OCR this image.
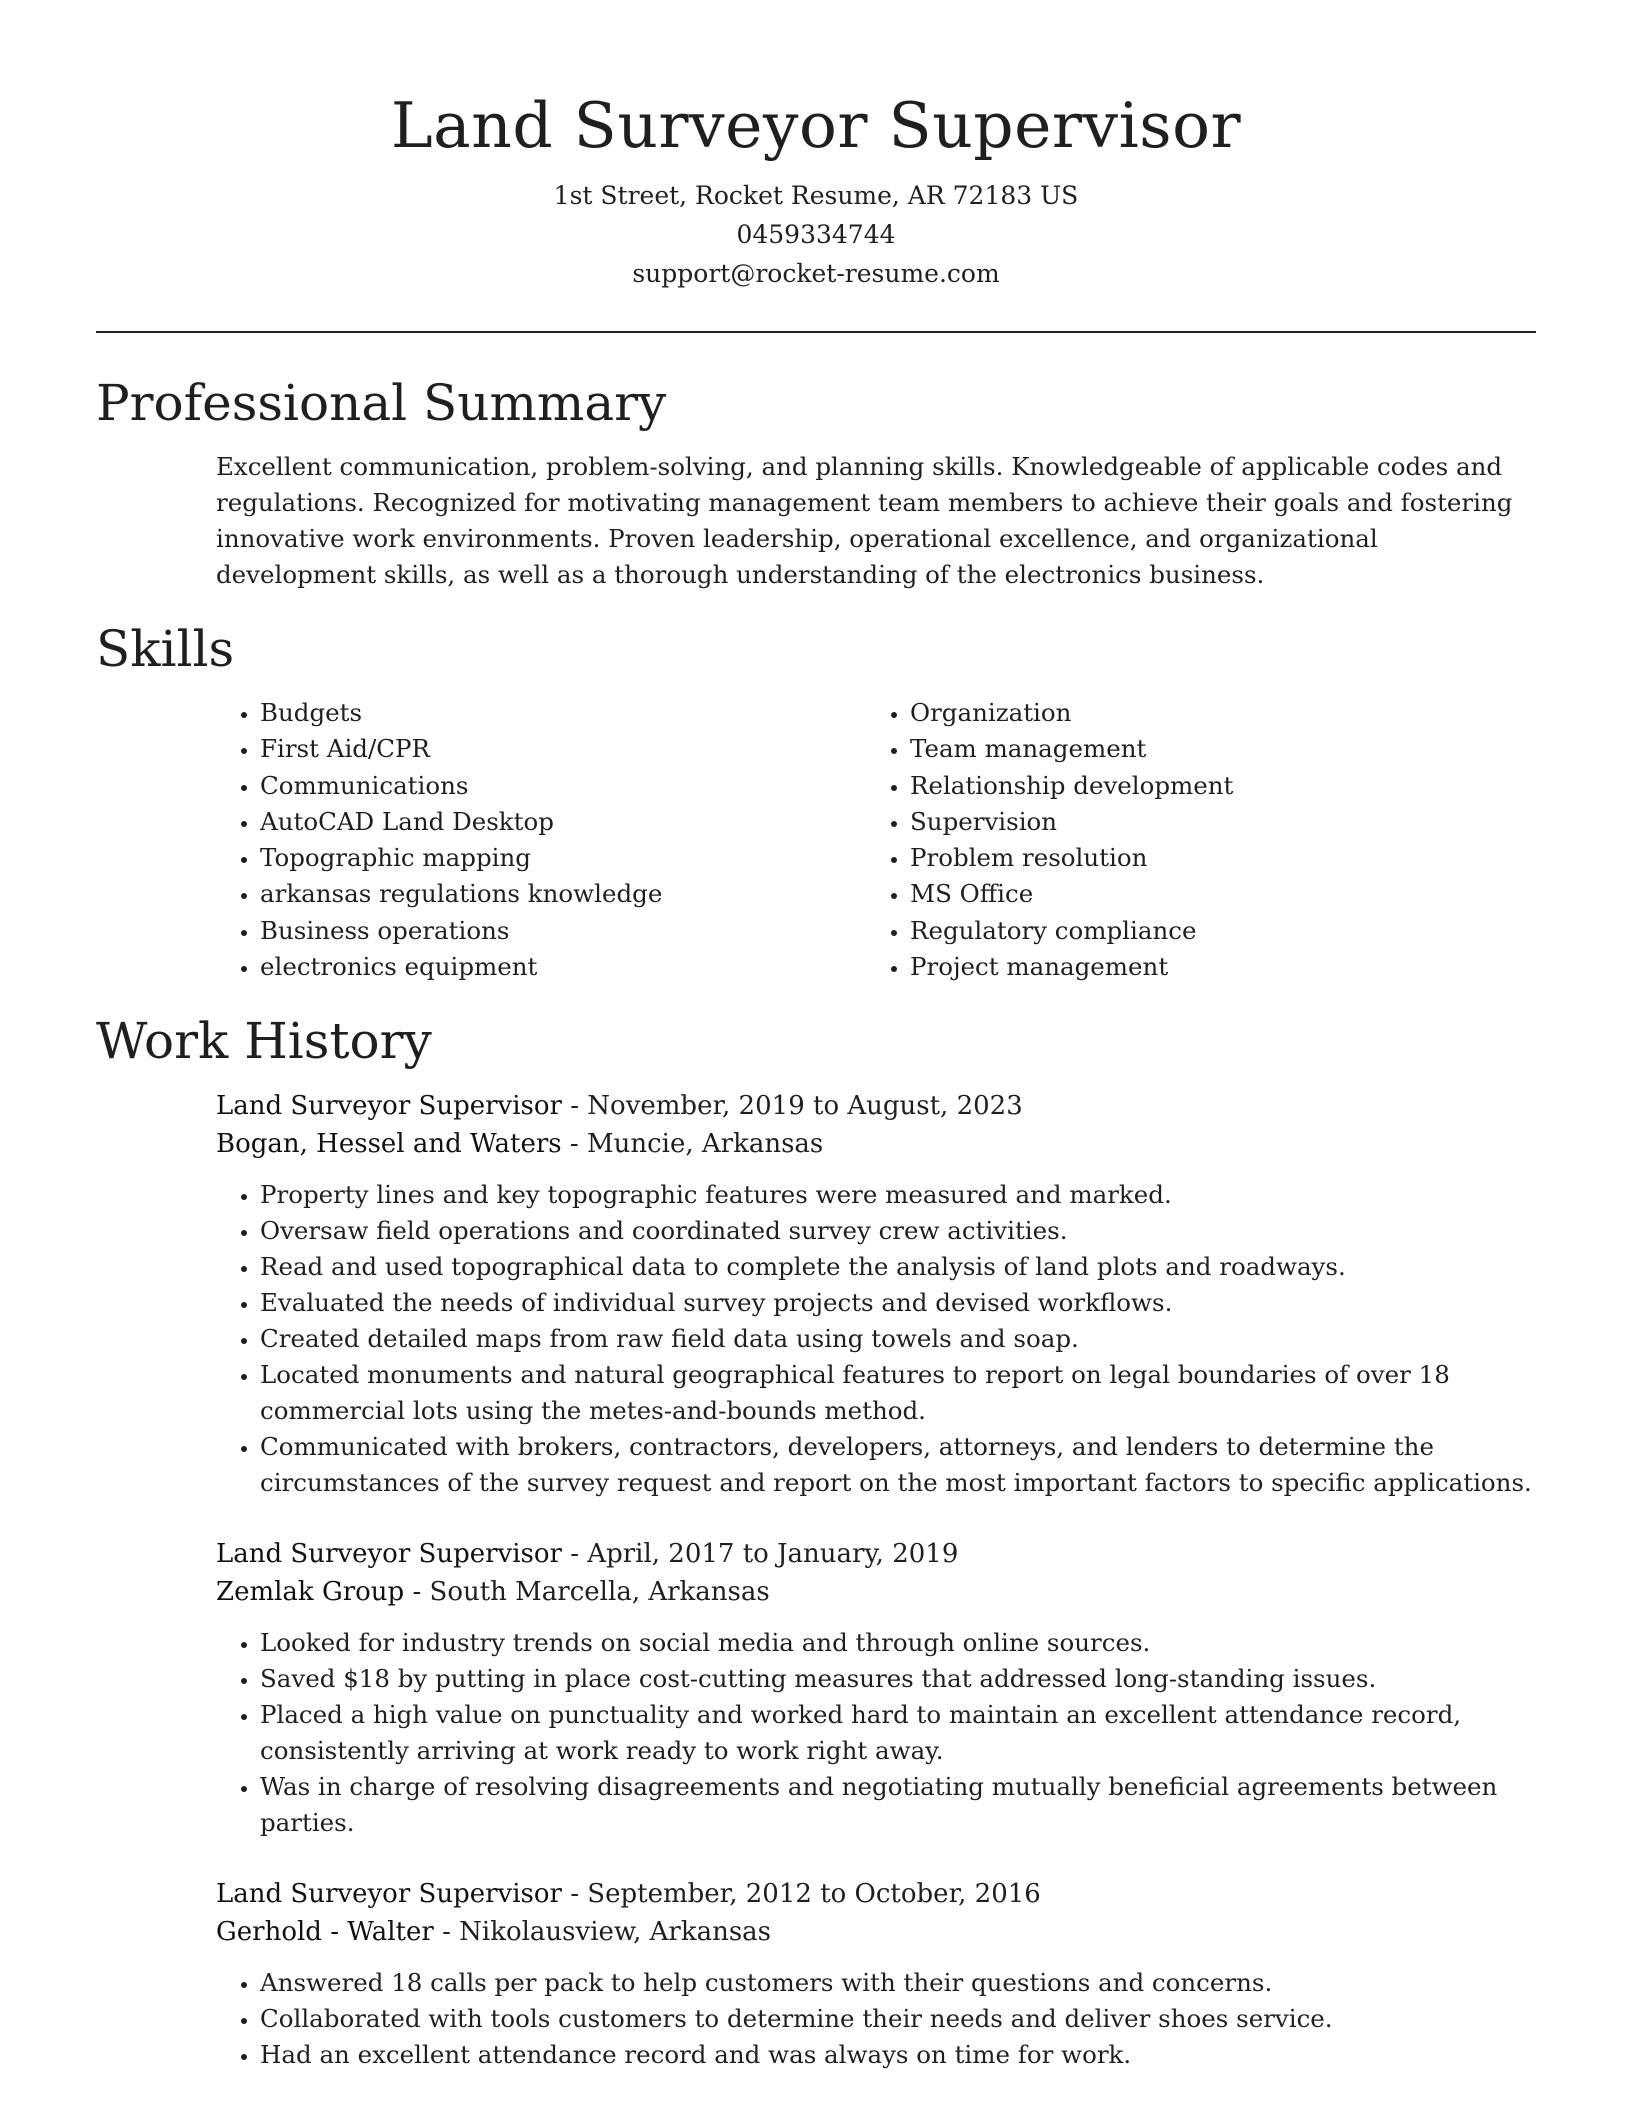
Land Surveyor Supervisor
1st Street, Rocket Resume, AR 72183 US
0459334744
support@rocket-resume.com
Professional Summary
Excellent communication, problem-solving, and planning skills. Knowledgeable of applicable codes and regulations. Recognized for motivating management team members to achieve their goals and fostering innovative work environments. Proven leadership, operational excellence, and organizational development skills, as well as a thorough understanding of the electronics business.
Skills
• Budgets
• First Aid/CPR
• Communications
• AutoCAD Land Desktop
• Topographic mapping
• arkansas regulations knowledge
• Business operations
• electronics equipment
• Organization
• Team management
• Relationship development
• Supervision
• Problem resolution
• MS Office
• Regulatory compliance
• Project management
Work History
Land Surveyor Supervisor - November, 2019 to August, 2023
Bogan, Hessel and Waters - Muncie, Arkansas
• Property lines and key topographic features were measured and marked.
• Oversaw field operations and coordinated survey crew activities.
• Read and used topographical data to complete the analysis of land plots and roadways.
• Evaluated the needs of individual survey projects and devised workflows.
• Created detailed maps from raw field data using towels and soap.
• Located monuments and natural geographical features to report on legal boundaries of over 18 commercial lots using the metes-and-bounds method.
• Communicated with brokers, contractors, developers, attorneys, and lenders to determine the circumstances of the survey request and report on the most important factors to specific applications.
Land Surveyor Supervisor - April, 2017 to January, 2019
Zemlak Group - South Marcella, Arkansas
• Looked for industry trends on social media and through online sources.
• Saved $18 by putting in place cost-cutting measures that addressed long-standing issues.
• Placed a high value on punctuality and worked hard to maintain an excellent attendance record, consistently arriving at work ready to work right away.
• Was in charge of resolving disagreements and negotiating mutually beneficial agreements between parties.
Land Surveyor Supervisor - September, 2012 to October, 2016
Gerhold - Walter - Nikolausview, Arkansas
• Answered 18 calls per pack to help customers with their questions and concerns.
• Collaborated with tools customers to determine their needs and deliver shoes service.
• Had an excellent attendance record and was always on time for work.
